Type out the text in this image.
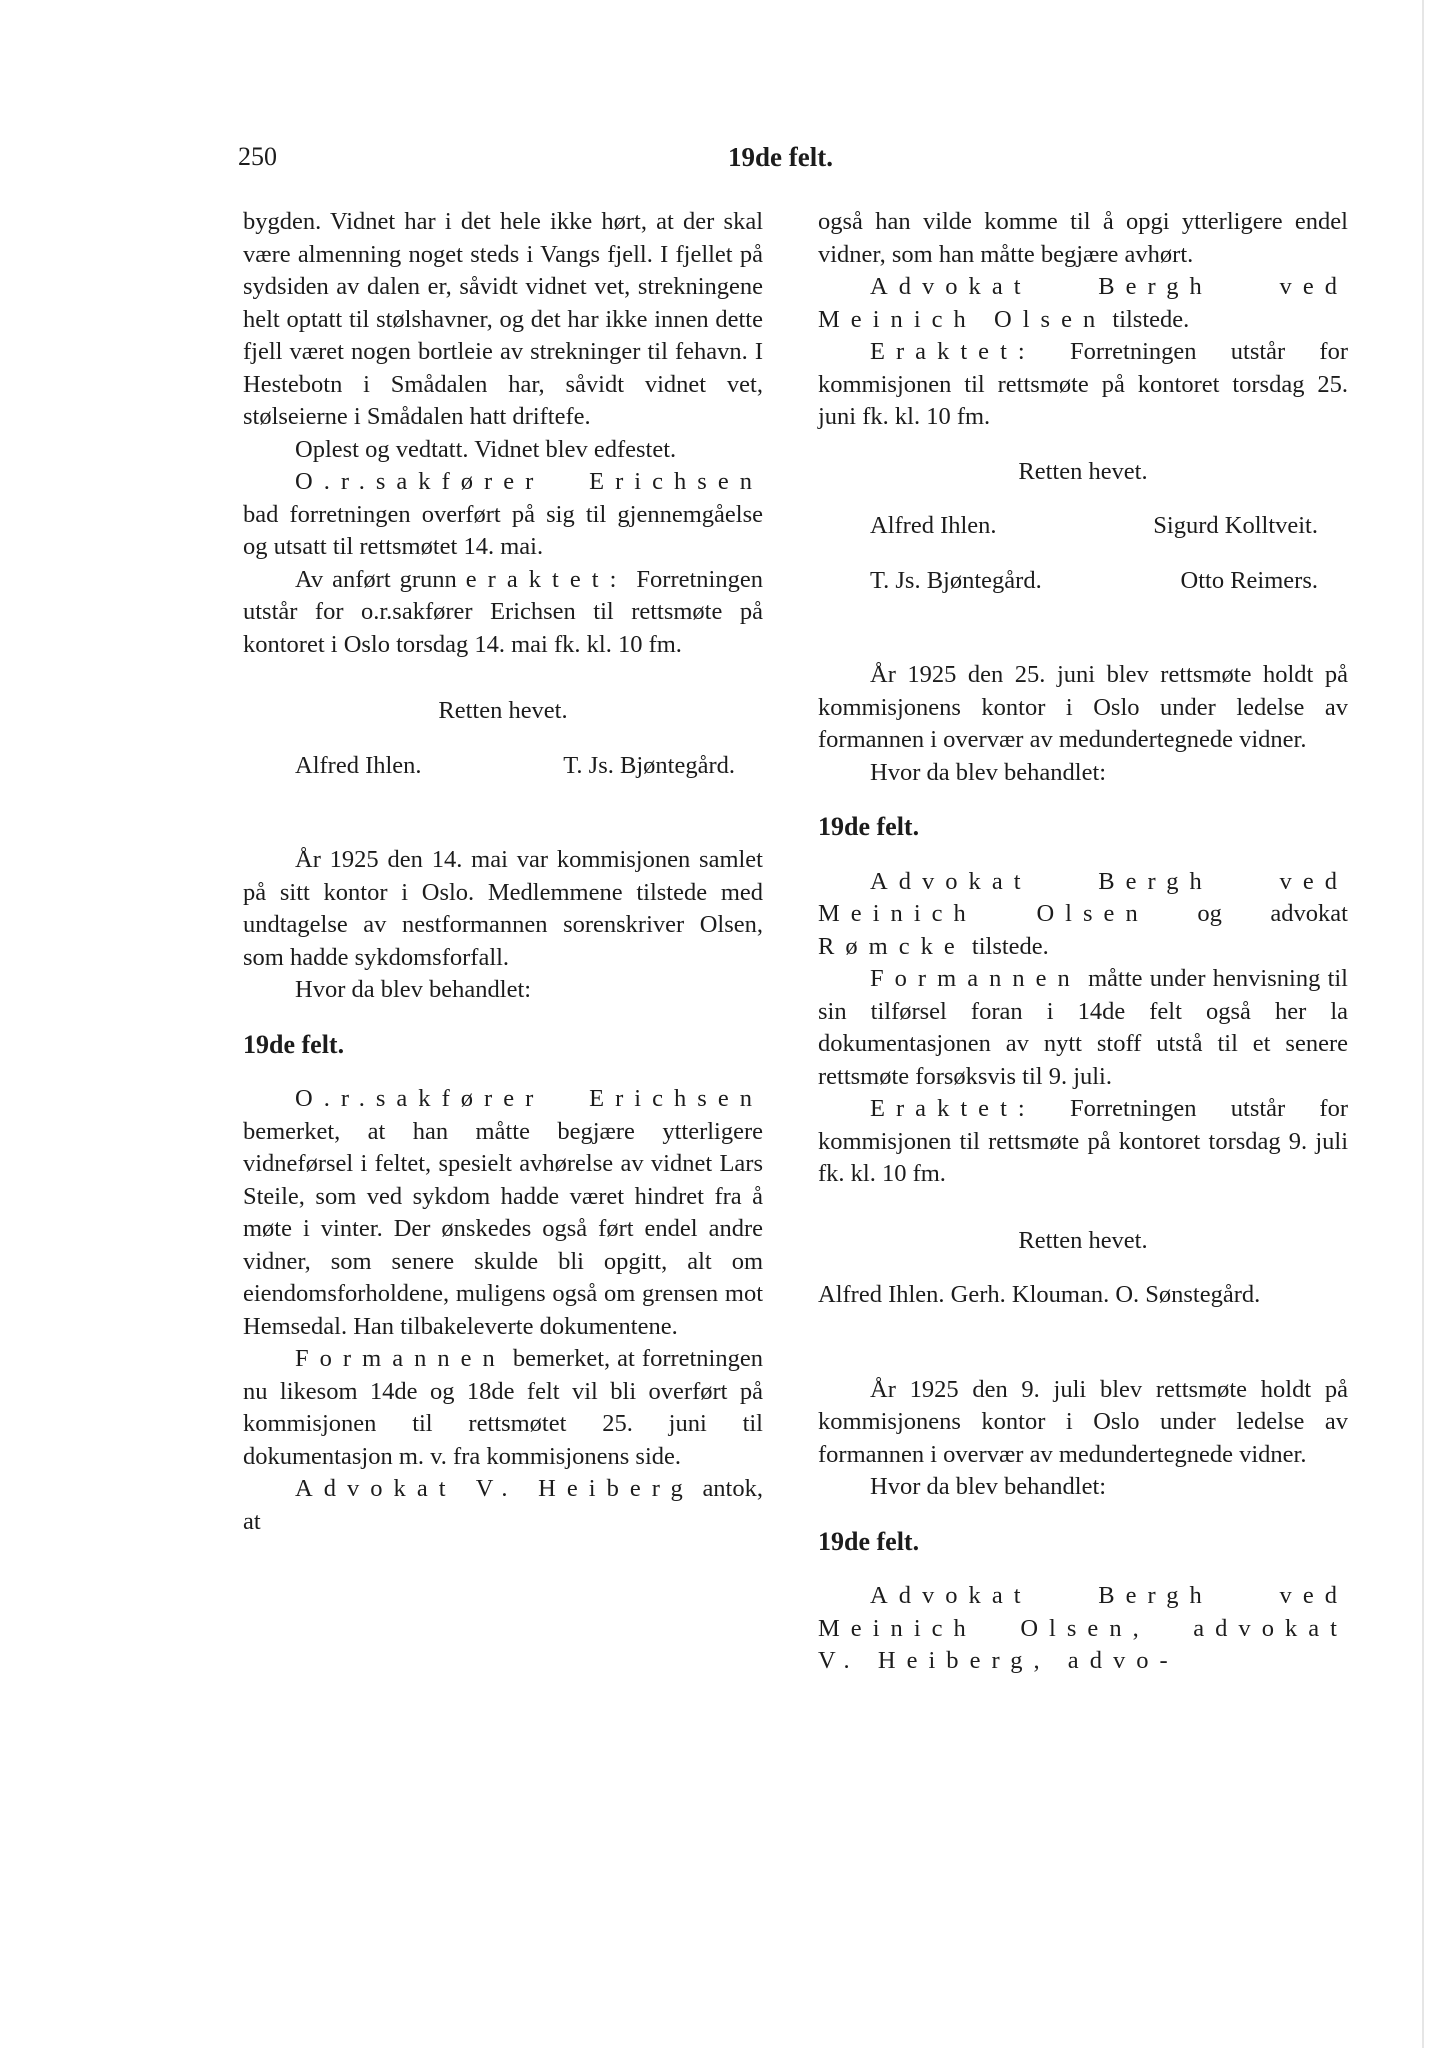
250	19de felt.

bygden. Vidnet har i det hele ikke hørt, at der skal være almenning noget steds i Vangs fjell. I fjellet på sydsiden av dalen er, såvidt vidnet vet, strekningene helt optatt til stølshavner, og det har ikke innen dette fjell været nogen bortleie av strekninger til fehavn. I Hestebotn i Smådalen har, såvidt vidnet vet, stølseierne i Smådalen hatt driftefe.

Oplest og vedtatt. Vidnet blev edfestet.

O.r.sakfører Erichsen bad forretningen overført på sig til gjennemgåelse og utsatt til rettsmøtet 14. mai.

Av anført grunn eraktet: Forretningen utstår for o.r.sakfører Erichsen til rettsmøte på kontoret i Oslo torsdag 14. mai fk. kl. 10 fm.

Retten hevet.

Alfred Ihlen.	T. Js. Bjøntegård.

År 1925 den 14. mai var kommisjonen samlet på sitt kontor i Oslo. Medlemmene tilstede med undtagelse av nestformannen sorenskriver Olsen, som hadde sykdomsforfall.

Hvor da blev behandlet:

19de felt.

O.r.sakfører Erichsen bemerket, at han måtte begjære ytterligere vidneførsel i feltet, spesielt avhørelse av vidnet Lars Steile, som ved sykdom hadde været hindret fra å møte i vinter. Der ønskedes også ført endel andre vidner, som senere skulde bli opgitt, alt om eiendomsforholdene, muligens også om grensen mot Hemsedal. Han tilbakeleverte dokumentene.

Formannen bemerket, at forretningen nu likesom 14de og 18de felt vil bli overført på kommisjonen til rettsmøtet 25. juni til dokumentasjon m. v. fra kommisjonens side.

Advokat V. Heiberg antok, at

også han vilde komme til å opgi ytterligere endel vidner, som han måtte begjære avhørt.

Advokat Bergh ved Meinich Olsen tilstede.

Eraktet: Forretningen utstår for kommisjonen til rettsmøte på kontoret torsdag 25. juni fk. kl. 10 fm.

Retten hevet.

Alfred Ihlen.	Sigurd Kolltveit.

T. Js. Bjøntegård.	Otto Reimers.

År 1925 den 25. juni blev rettsmøte holdt på kommisjonens kontor i Oslo under ledelse av formannen i overvær av medundertegnede vidner.

Hvor da blev behandlet:

19de felt.

Advokat Bergh ved Meinich Olsen og advokat Rømcke tilstede.

Formannen måtte under henvisning til sin tilførsel foran i 14de felt også her la dokumentasjonen av nytt stoff utstå til et senere rettsmøte forsøksvis til 9. juli.

Eraktet: Forretningen utstår for kommisjonen til rettsmøte på kontoret torsdag 9. juli fk. kl. 10 fm.

Retten hevet.

Alfred Ihlen. Gerh. Klouman. O. Sønstegård.

År 1925 den 9. juli blev rettsmøte holdt på kommisjonens kontor i Oslo under ledelse av formannen i overvær av medundertegnede vidner.

Hvor da blev behandlet:

19de felt.

Advokat Bergh ved Meinich Olsen, advokat V. Heiberg, advo-
